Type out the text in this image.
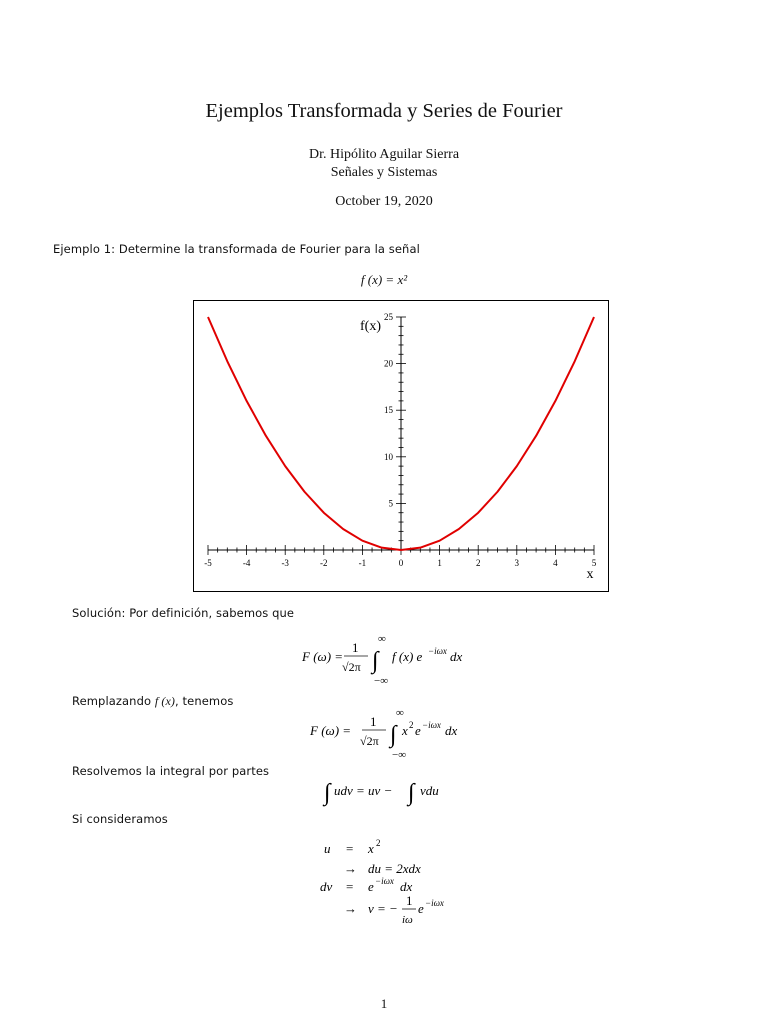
Ejemplos Transformada y Series de Fourier
Dr. Hipólito Aguilar Sierra
Señales y Sistemas
October 19, 2020
Ejemplo 1: Determine la transformada de Fourier para la señal
f (x) = x²
-5	-4	-3	-2	-1	0	1	2	3	4	5
5
10
15
20
25
x
f(x)
Solución: Por definición, sabemos que
F (ω) =
1
√2π ∫
∞
−∞
f (x) e −iωx dx
Remplazando f (x), tenemos
F (ω) =
1
√2π ∫
∞
−∞
x 2 e −iωx dx
Resolvemos la integral por partes
∫ udv = uv − ∫ vdu
Si consideramos
u = x 2
→ du = 2xdx
dv = e −iωx dx
→ v = −
1
iω
e −iωx
1
